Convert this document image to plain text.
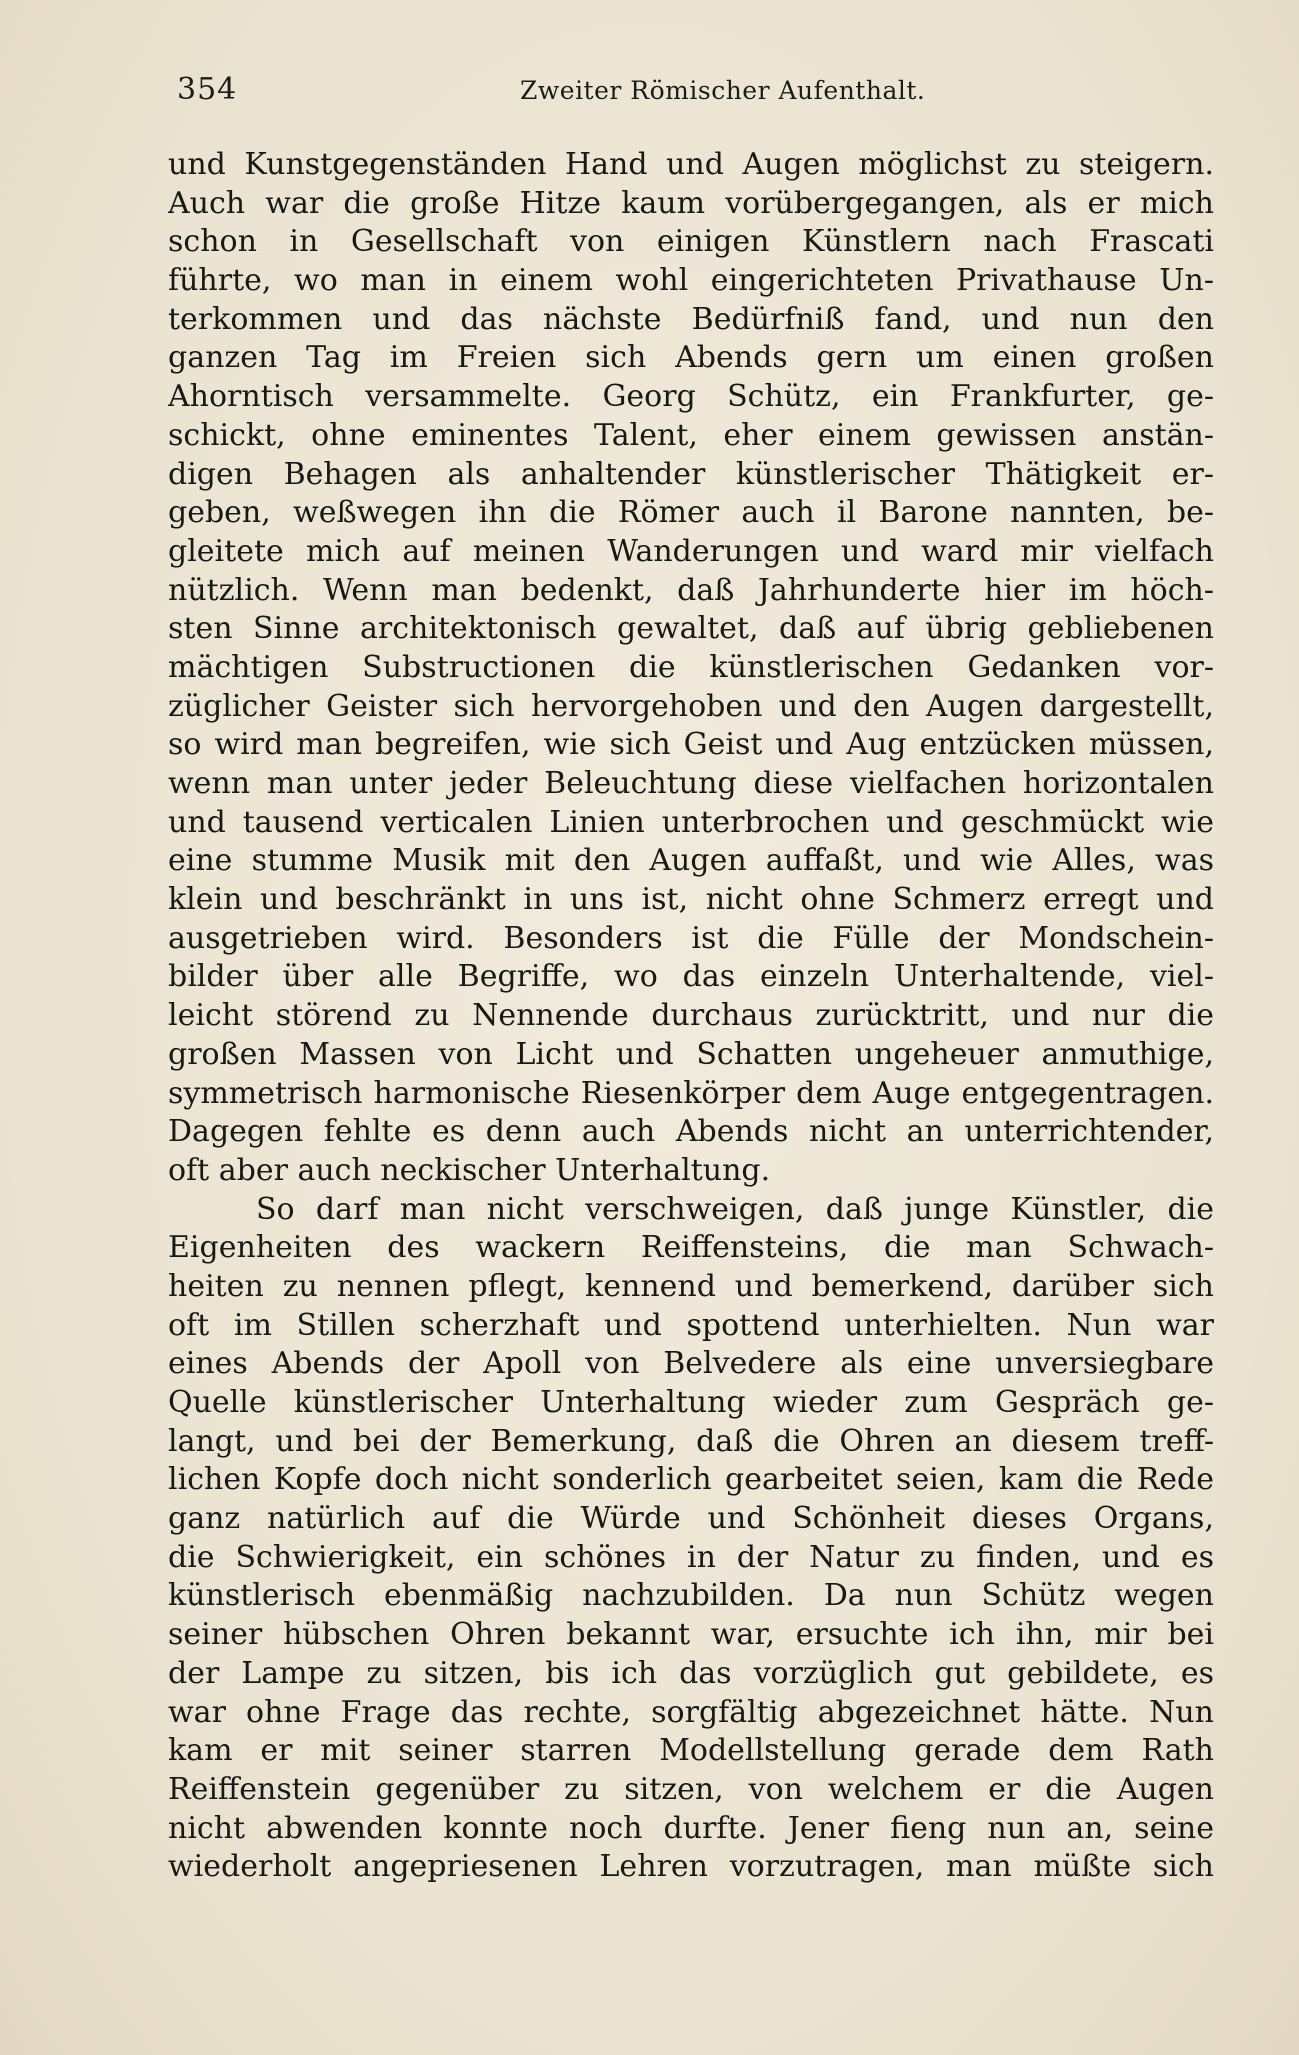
354	Zweiter Römischer Aufenthalt.
und Kunstgegenständen Hand und Augen möglichst zu steigern.
Auch war die große Hitze kaum vorübergegangen, als er mich
schon in Gesellschaft von einigen Künstlern nach Frascati
führte, wo man in einem wohl eingerichteten Privathause Un-
terkommen und das nächste Bedürfniß fand, und nun den
ganzen Tag im Freien sich Abends gern um einen großen
Ahorntisch versammelte. Georg Schütz, ein Frankfurter, ge-
schickt, ohne eminentes Talent, eher einem gewissen anstän-
digen Behagen als anhaltender künstlerischer Thätigkeit er-
geben, weßwegen ihn die Römer auch il Barone nannten, be-
gleitete mich auf meinen Wanderungen und ward mir vielfach
nützlich. Wenn man bedenkt, daß Jahrhunderte hier im höch-
sten Sinne architektonisch gewaltet, daß auf übrig gebliebenen
mächtigen Substructionen die künstlerischen Gedanken vor-
züglicher Geister sich hervorgehoben und den Augen dargestellt,
so wird man begreifen, wie sich Geist und Aug entzücken müssen,
wenn man unter jeder Beleuchtung diese vielfachen horizontalen
und tausend verticalen Linien unterbrochen und geschmückt wie
eine stumme Musik mit den Augen auffaßt, und wie Alles, was
klein und beschränkt in uns ist, nicht ohne Schmerz erregt und
ausgetrieben wird. Besonders ist die Fülle der Mondschein-
bilder über alle Begriffe, wo das einzeln Unterhaltende, viel-
leicht störend zu Nennende durchaus zurücktritt, und nur die
großen Massen von Licht und Schatten ungeheuer anmuthige,
symmetrisch harmonische Riesenkörper dem Auge entgegentragen.
Dagegen fehlte es denn auch Abends nicht an unterrichtender,
oft aber auch neckischer Unterhaltung.
So darf man nicht verschweigen, daß junge Künstler, die
Eigenheiten des wackern Reiffensteins, die man Schwach-
heiten zu nennen pflegt, kennend und bemerkend, darüber sich
oft im Stillen scherzhaft und spottend unterhielten. Nun war
eines Abends der Apoll von Belvedere als eine unversiegbare
Quelle künstlerischer Unterhaltung wieder zum Gespräch ge-
langt, und bei der Bemerkung, daß die Ohren an diesem treff-
lichen Kopfe doch nicht sonderlich gearbeitet seien, kam die Rede
ganz natürlich auf die Würde und Schönheit dieses Organs,
die Schwierigkeit, ein schönes in der Natur zu finden, und es
künstlerisch ebenmäßig nachzubilden. Da nun Schütz wegen
seiner hübschen Ohren bekannt war, ersuchte ich ihn, mir bei
der Lampe zu sitzen, bis ich das vorzüglich gut gebildete, es
war ohne Frage das rechte, sorgfältig abgezeichnet hätte. Nun
kam er mit seiner starren Modellstellung gerade dem Rath
Reiffenstein gegenüber zu sitzen, von welchem er die Augen
nicht abwenden konnte noch durfte. Jener fieng nun an, seine
wiederholt angepriesenen Lehren vorzutragen, man müßte sich
